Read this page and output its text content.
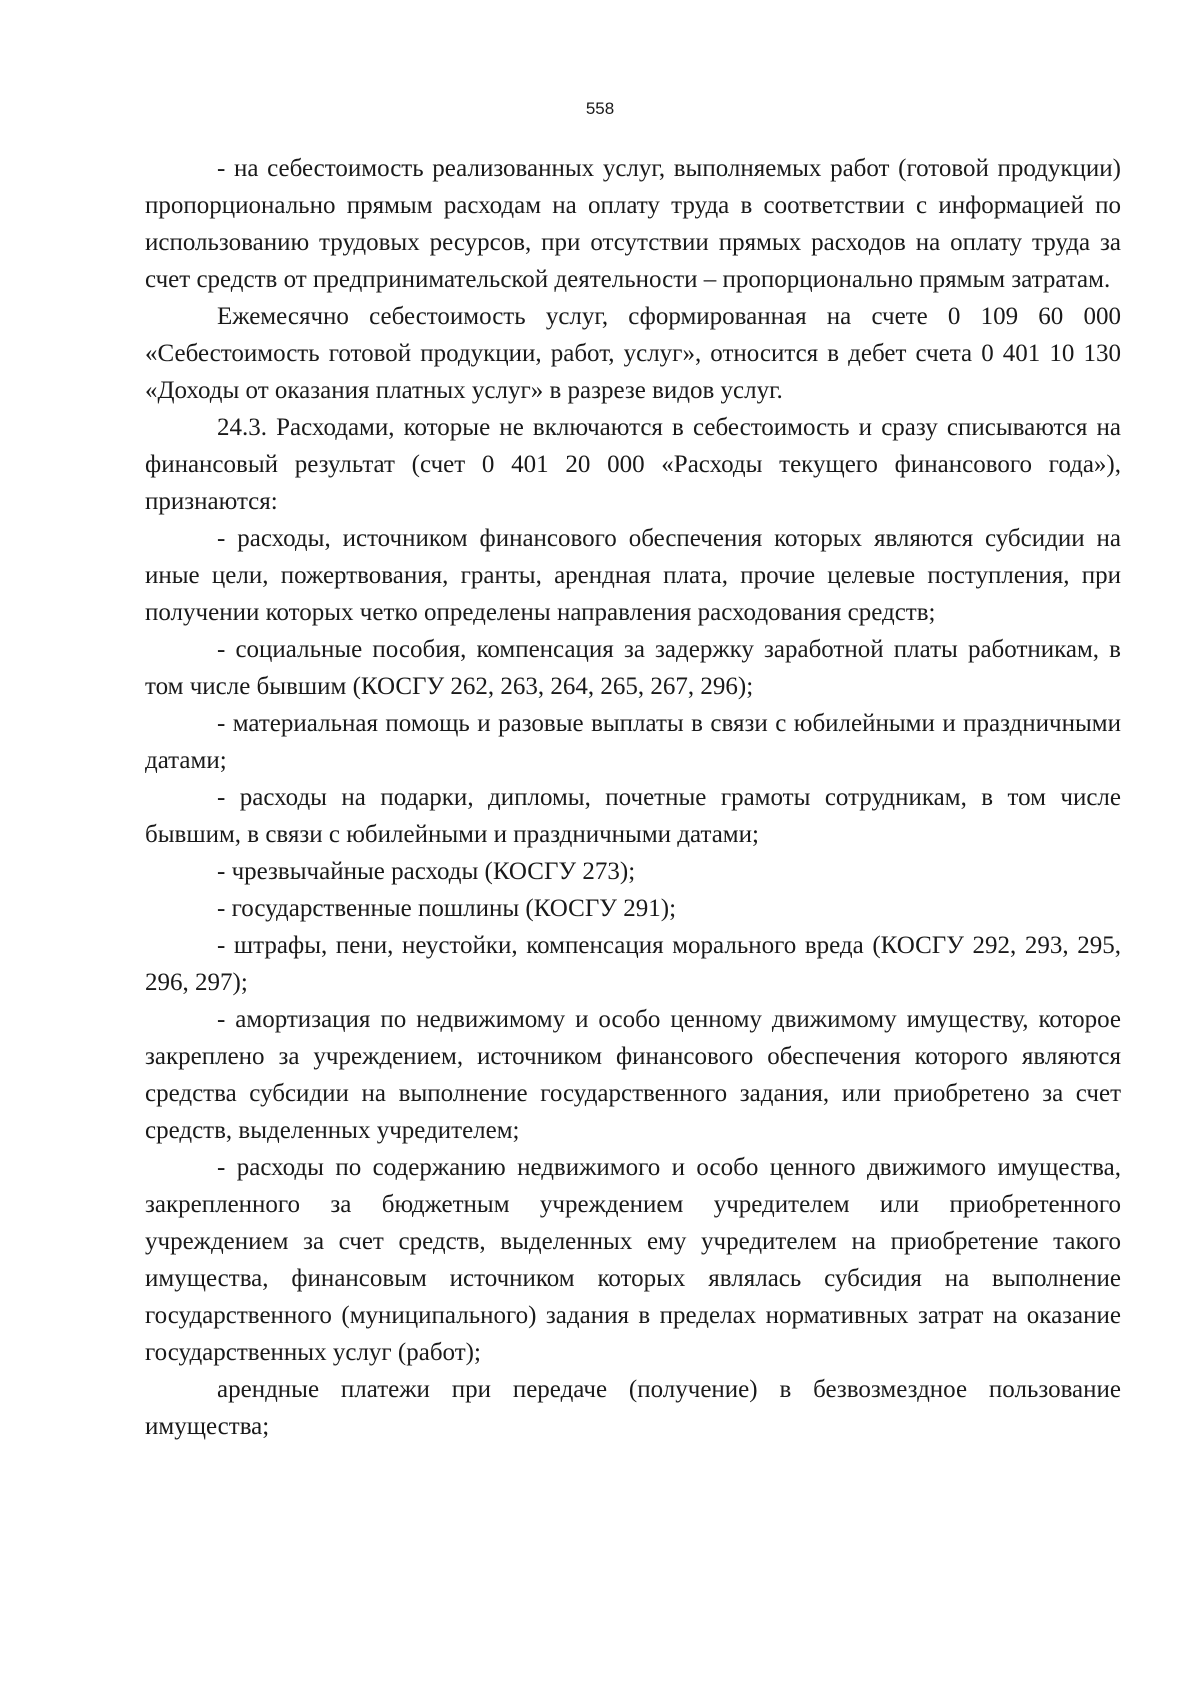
558

- на себестоимость реализованных услуг, выполняемых работ (готовой продукции) пропорционально прямым расходам на оплату труда в соответствии с информацией по использованию трудовых ресурсов, при отсутствии прямых расходов на оплату труда за счет средств от предпринимательской деятельности – пропорционально прямым затратам.

Ежемесячно себестоимость услуг, сформированная на счете 0 109 60 000 «Себестоимость готовой продукции, работ, услуг», относится в дебет счета 0 401 10 130 «Доходы от оказания платных услуг» в разрезе видов услуг.

24.3. Расходами, которые не включаются в себестоимость и сразу списываются на финансовый результат (счет 0 401 20 000 «Расходы текущего финансового года»), признаются:

- расходы, источником финансового обеспечения которых являются субсидии на иные цели, пожертвования, гранты, арендная плата, прочие целевые поступления, при получении которых четко определены направления расходования средств;

- социальные пособия, компенсация за задержку заработной платы работникам, в том числе бывшим (КОСГУ 262, 263, 264, 265, 267, 296);

- материальная помощь и разовые выплаты в связи с юбилейными и праздничными датами;

- расходы на подарки, дипломы, почетные грамоты сотрудникам, в том числе бывшим, в связи с юбилейными и праздничными датами;

- чрезвычайные расходы (КОСГУ 273);

- государственные пошлины (КОСГУ 291);

- штрафы, пени, неустойки, компенсация морального вреда (КОСГУ 292, 293, 295, 296, 297);

- амортизация по недвижимому и особо ценному движимому имуществу, которое закреплено за учреждением, источником финансового обеспечения которого являются средства субсидии на выполнение государственного задания, или приобретено за счет средств, выделенных учредителем;

- расходы по содержанию недвижимого и особо ценного движимого имущества, закрепленного за бюджетным учреждением учредителем или приобретенного учреждением за счет средств, выделенных ему учредителем на приобретение такого имущества, финансовым источником которых являлась субсидия на выполнение государственного (муниципального) задания в пределах нормативных затрат на оказание государственных услуг (работ);

арендные платежи при передаче (получение) в безвозмездное пользование имущества;
